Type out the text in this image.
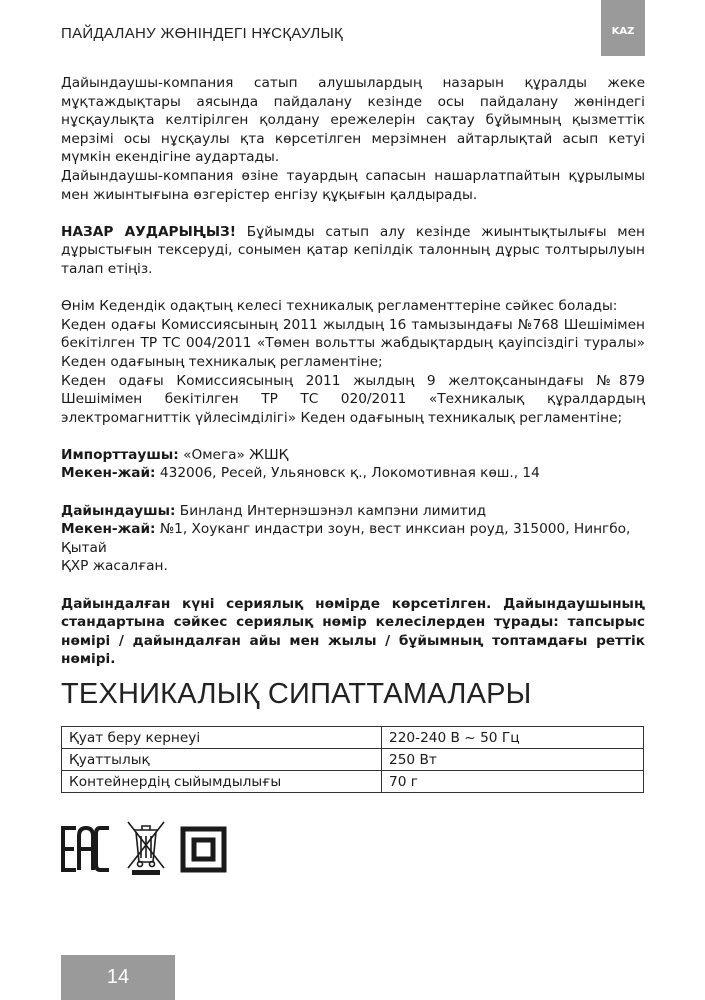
ПАЙДАЛАНУ ЖӨНІНДЕГІ НҰСҚАУЛЫҚ	KAZ

Дайындаушы-компания сатып алушылардың назарын құралды жеке мұқтаждықтары аясында пайдалану кезінде осы пайдалану жөніндегі нұсқаулықта келтірілген қолдану ережелерін сақтау бұйымның қызметтік мерзімі осы нұсқаулы қта көрсетілген мерзімнен айтарлықтай асып кетуі мүмкін екендігіне аудартады.

Дайындаушы-компания өзіне тауардың сапасын нашарлатпайтын құрылымы мен жиынтығына өзгерістер енгізу құқығын қалдырады.

НАЗАР АУДАРЫҢЫЗ! Бұйымды сатып алу кезінде жиынтықтылығы мен дұрыстығын тексеруді, сонымен қатар кепілдік талонның дұрыс толтырылуын талап етіңіз.

Өнім Кедендік одақтың келесі техникалық регламенттеріне сәйкес болады:

Кеден одағы Комиссиясының 2011 жылдың 16 тамызындағы №768 Шешімімен бекітілген ТР ТС 004/2011 «Төмен вольтты жабдықтардың қауіпсіздігі туралы» Кеден одағының техникалық регламентіне;

Кеден одағы Комиссиясының 2011 жылдың 9 желтоқсанындағы №879 Шешімімен бекітілген ТР ТС 020/2011 «Техникалық құралдардың электромагниттік үйлесімділігі» Кеден одағының техникалық регламентіне;

Импорттаушы: «Омега» ЖШҚ

Мекен-жай: 432006, Ресей, Ульяновск қ., Локомотивная көш., 14

Дайындаушы: Бинланд Интернэшэнэл кампэни лимитид

Мекен-жай: №1, Хоуканг индастри зоун, вест инксиан роуд, 315000, Нингбо, Қытай

ҚХР жасалған.

Дайындалған күні сериялық нөмірде көрсетілген. Дайындаушының стандартына сәйкес сериялық нөмір келесілерден тұрады: тапсырыс нөмірі / дайындалған айы мен жылы / бұйымның топтамдағы реттік нөмірі.

ТЕХНИКАЛЫҚ СИПАТТАМАЛАРЫ
Қуат беру кернеуі	220-240 В ~ 50 Гц
Қуаттылық	250 Вт
Контейнердің сыйымдылығы	70 г
14
